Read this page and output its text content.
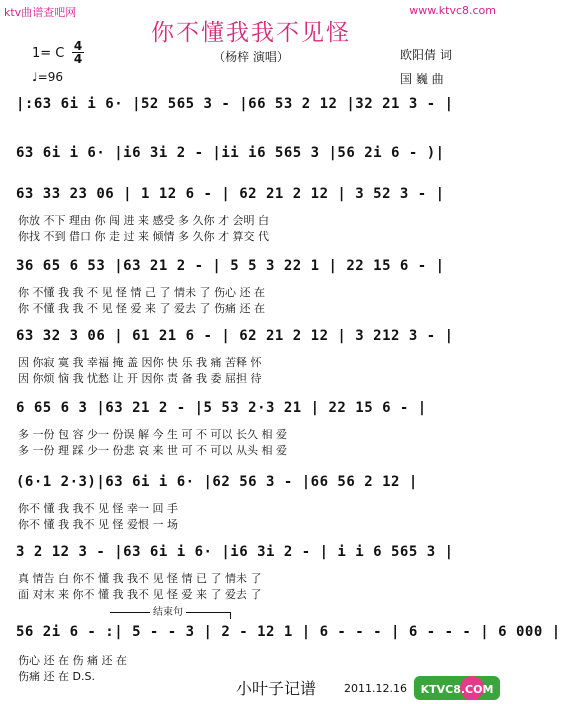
ktv曲谱查吧网	www.ktvc8.com
你不懂我我不见怪
（杨梓 演唱）
1= C 4
4
♩=96
欧阳倩 词
国 巍 曲
|:63 6i i 6· |52 565 3 - |66 53 2 12 |32 21 3 - |
63 6i i 6· |i6 3i 2 - |ii i6 565 3 |56 2i 6 - )|
63 33 23 06 | 1 12 6 - | 62 21 2 12 | 3 52 3 - |
你放 不下 理由 你 闯 进 来 感受 多 久你 才 会明 白
你找 不到 借口 你 走 过 来 倾情 多 久你 才 算交 代
36 65 6 53 |63 21 2 - | 5 5 3 22 1 | 22 15 6 - |
你 不懂 我 我 不 见 怪 情 己 了 情未 了 伤心 还 在
你 不懂 我 我 不 见 怪 爱 来 了 爱去 了 伤痛 还 在
63 32 3 06 | 61 21 6 - | 62 21 2 12 | 3 212 3 - |
因 你寂 寞 我 幸福 掩 盖 因你 快 乐 我 痛 苦释 怀
因 你烦 恼 我 忧愁 让 开 因你 责 备 我 委 屈担 待
6 65 6 3 |63 21 2 - |5 53 2·3 21 | 22 15 6 - |
多 一份 包 容 少一 份误 解 今 生 可 不 可以 长久 相 爱
多 一份 理 踩 少一 份悲 哀 来 世 可 不 可以 从头 相 爱
(6·1 2·3)|63 6i i 6· |62 56 3 - |66 56 2 12 |
你不 懂 我 我不 见 怪 幸一 回 手
你不 懂 我 我不 见 怪 爱恨 一 场
3 2 12 3 - |63 6i i 6· |i6 3i 2 - | i i 6 565 3 |
真 情告 白 你不 懂 我 我不 见 怪 情 已 了 情未 了
面 对末 来 你不 懂 我 我不 见 怪 爱 来 了 爱去 了
结束句
56 2i 6 - :| 5 - - 3 | 2 - 12 1 | 6 - - - | 6 - - - | 6 000 |
伤心 还 在 伤 痛 还 在
伤痛 还 在 D.S.
小叶子记谱	2011.12.16 KTVC8.COM
